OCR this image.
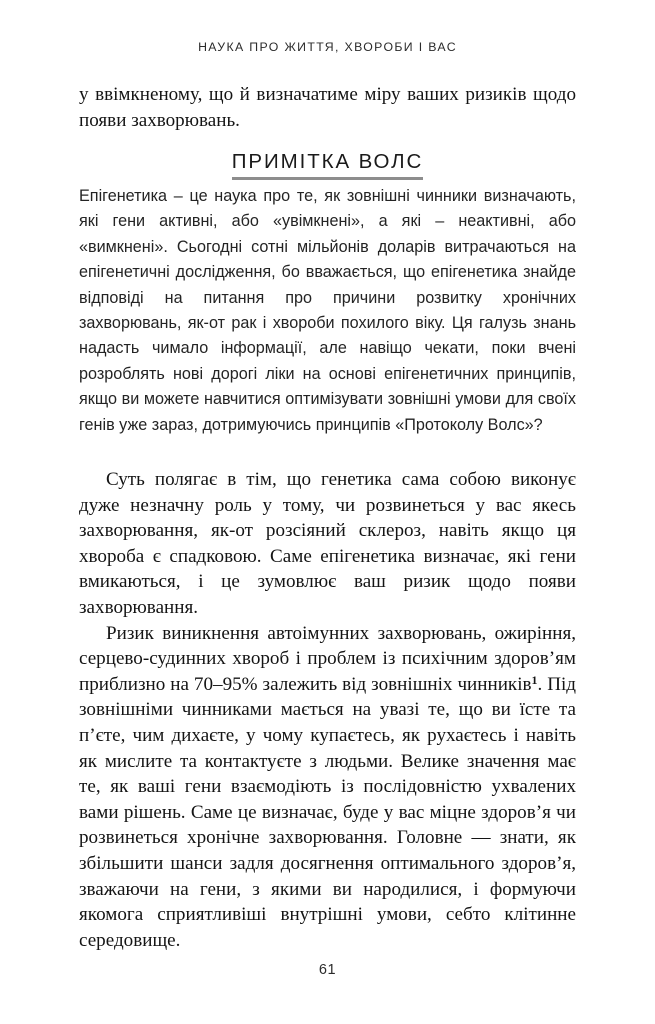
НАУКА ПРО ЖИТТЯ, ХВОРОБИ І ВАС

у ввімкненому, що й визначатиме міру ваших ризиків щодо появи захворювань.

ПРИМІТКА ВОЛС

Епігенетика – це наука про те, як зовнішні чинники визначають, які гени активні, або «увімкнені», а які – неактивні, або «вимкнені». Сьогодні сотні мільйонів доларів витрачаються на епігенетичні дослідження, бо вважається, що епігенетика знайде відповіді на питання про причини розвитку хронічних захворювань, як-от рак і хвороби похилого віку. Ця галузь знань надасть чимало інформації, але навіщо чекати, поки вчені розроблять нові дорогі ліки на основі епігенетичних принципів, якщо ви можете навчитися оптимізувати зовнішні умови для своїх генів уже зараз, дотримуючись принципів «Протоколу Волс»?

Суть полягає в тім, що генетика сама собою виконує дуже незначну роль у тому, чи розвинеться у вас якесь захворювання, як-от розсіяний склероз, навіть якщо ця хвороба є спадковою. Саме епігенетика визначає, які гени вмикаються, і це зумовлює ваш ризик щодо появи захворювання.

Ризик виникнення автоімунних захворювань, ожиріння, серцево-судинних хвороб і проблем із психічним здоров’ям приблизно на 70–95% залежить від зовнішніх чинників$^1$. Під зовнішніми чинниками мається на увазі те, що ви їсте та п’єте, чим дихаєте, у чому купаєтесь, як рухаєтесь і навіть як мислите та контактуєте з людьми. Велике значення має те, як ваші гени взаємодіють із послідовністю ухвалених вами рішень. Саме це визначає, буде у вас міцне здоров’я чи розвинеться хронічне захворювання. Головне — знати, як збільшити шанси задля досягнення оптимального здоров’я, зважаючи на гени, з якими ви народилися, і формуючи якомога сприятливіші внутрішні умови, себто клітинне середовище.

61
